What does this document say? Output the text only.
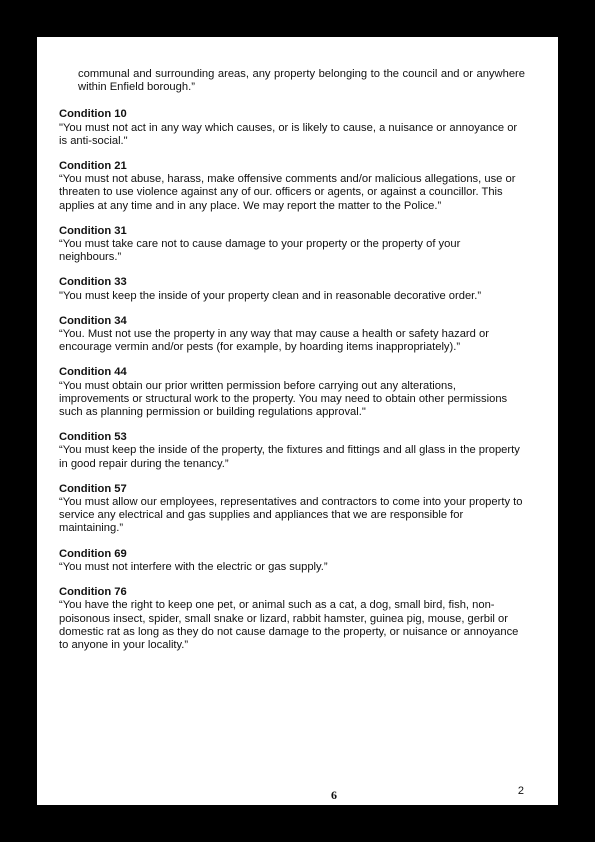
communal and surrounding areas, any property belonging to the council and or anywhere within Enfield borough.”

Condition 10

"You must not act in any way which causes, or is likely to cause, a nuisance or annoyance or is anti-social."

Condition 21

“You must not abuse, harass, make offensive comments and/or malicious allegations, use or threaten to use violence against any of our. officers or agents, or against a councillor. This applies at any time and in any place. We may report the matter to the Police.”

Condition 31

“You must take care not to cause damage to your property or the property of your neighbours.”

Condition 33

"You must keep the inside of your property clean and in reasonable decorative order.”

Condition 34

“You. Must not use the property in any way that may cause a health or safety hazard or encourage vermin and/or pests (for example, by hoarding items inappropriately).”

Condition 44

“You must obtain our prior written permission before carrying out any alterations, improvements or structural work to the property. You may need to obtain other permissions such as planning permission or building regulations approval."

Condition 53

“You must keep the inside of the property, the fixtures and fittings and all glass in the property in good repair during the tenancy.”

Condition 57

“You must allow our employees, representatives and contractors to come into your property to service any electrical and gas supplies and appliances that we are responsible for maintaining.”

Condition 69

“You must not interfere with the electric or gas supply.”

Condition 76

“You have the right to keep one pet, or animal such as a cat, a dog, small bird, fish, non-poisonous insect, spider, small snake or lizard, rabbit hamster, guinea pig, mouse, gerbil or domestic rat as long as they do not cause damage to the property, or nuisance or annoyance to anyone in your locality.”

6	2
